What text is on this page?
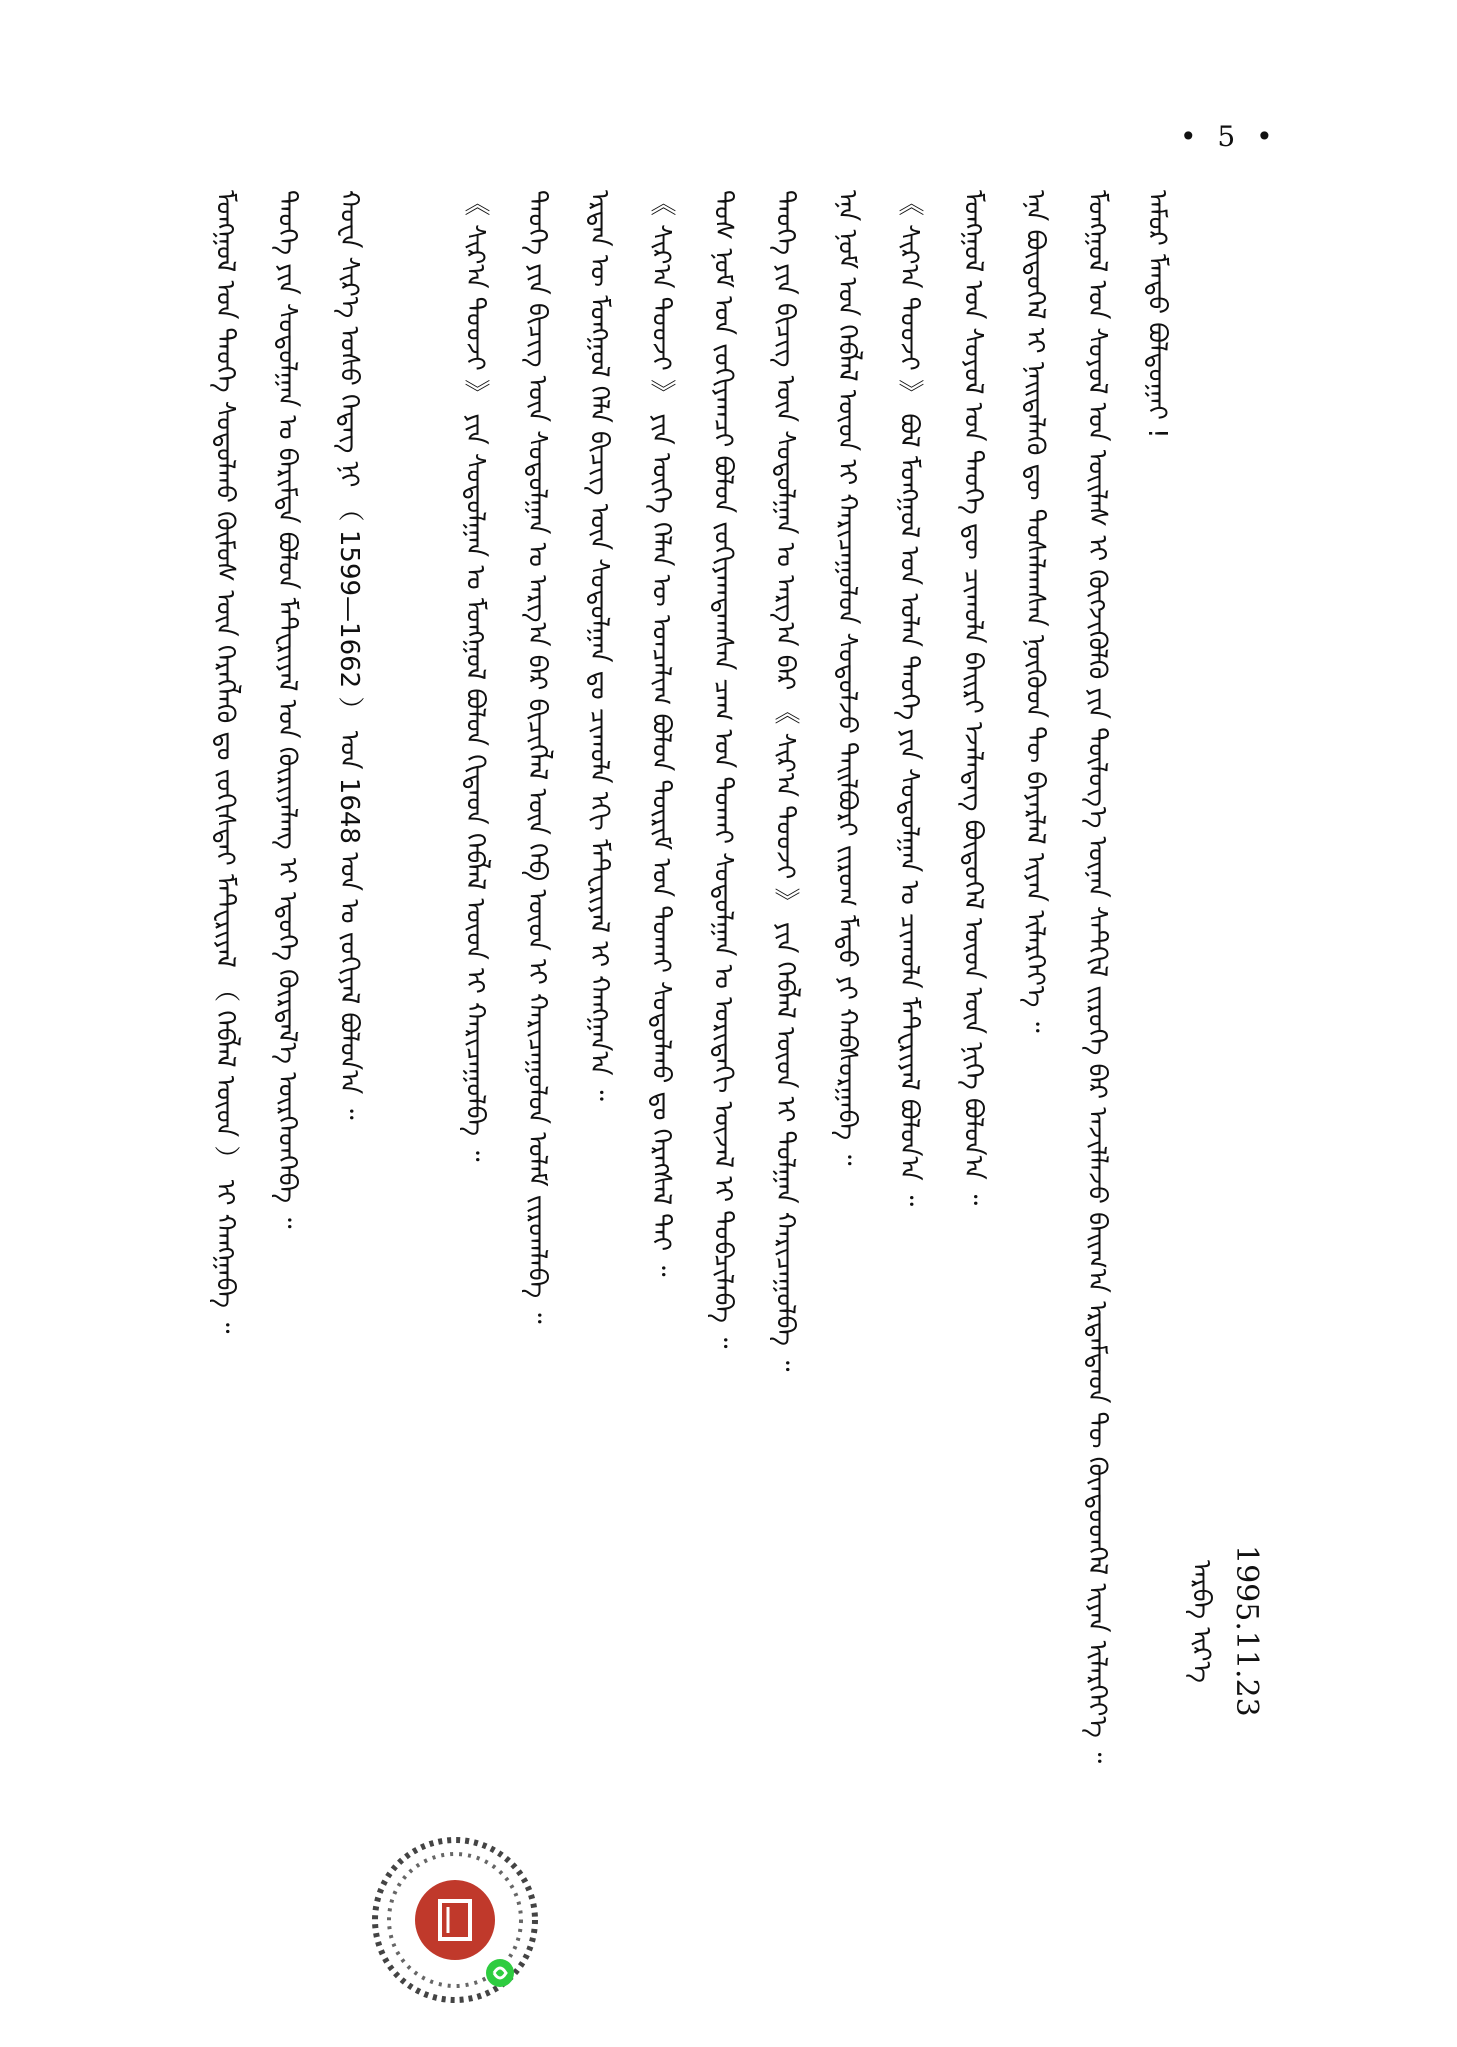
• 5 •
ᠠᠮᠤᠷ ᠮᠡᠨᠳᠦ ᠪᠣᠯᠲᠤᠭᠠᠢ !
ᠮᠣᠩᠭᠤᠯ ᠤᠨ ᠰᠣᠶᠤᠯ ᠤᠨ ᠦᠢᠯᠡᠰ ᠢ ᠬᠦᠭᠵᠢᠭᠦᠯᠬᠦ ᠶᠢᠨ ᠲᠥᠯᠦᠭ᠎ᠡ ᠦᠨᠡᠨ ᠰᠡᠲᠭᠢᠯ ᠵᠢᠷᠦᠬᠡ ᠪᠡᠷ ᠠᠵᠢᠯᠯᠠᠵᠤ ᠪᠠᠢᠭ᠎ᠠ ᠡᠷᠳᠡᠮᠲᠡᠳ ᠲᠦ ᠬᠦᠨᠳᠦᠳᠬᠡᠯ ᠢᠶᠡᠨ ᠢᠯᠡᠷᠭᠡᠶ᠎ᠡ ᠃
ᠡᠨᠡ ᠪᠦᠲᠦᠭᠡᠯ ᠢ ᠨᠡᠢᠲᠡᠯᠡᠬᠦ ᠳᠦ ᠲᠤᠰᠠᠯᠠᠭᠰᠠᠨ ᠨᠥᠬᠦᠳ ᠲᠦ ᠪᠠᠶᠠᠷᠯᠠᠯ ᠢᠶᠠᠨ ᠢᠯᠡᠷᠭᠡᠶ᠎ᠡ ᠃
ᠮᠣᠩᠭᠤᠯ ᠤᠨ ᠰᠣᠶᠤᠯ ᠤᠨ ᠲᠡᠦᠬᠡ ᠳᠦ ᠴᠢᠬᠤᠯᠠ ᠪᠠᠢᠷᠢ ᠡᠵᠡᠯᠡᠳᠡᠭ ᠪᠦᠲᠦᠭᠡᠯ ᠦᠳ ᠦᠨ ᠨᠢᠭᠡ ᠪᠣᠯᠤᠨ᠎ᠠ ᠃
《 ᠰᠢᠷ᠎ᠠ ᠲᠤᠤᠵᠢ 》 ᠪᠣᠯ ᠮᠣᠩᠭᠤᠯ ᠤᠨ ᠣᠯᠠᠨ ᠲᠡᠦᠬᠡ ᠶᠢᠨ ᠰᠤᠳᠤᠯᠭᠠᠨ ᠤ ᠴᠢᠬᠤᠯᠠ ᠮᠠᠲᠧᠷᠢᠶᠠᠯ ᠪᠣᠯᠤᠨ᠎ᠠ ᠃
ᠡᠨᠡ ᠨᠣᠮ ᠤᠨ ᠬᠡᠪᠯᠡᠯ ᠦᠳ ᠢ ᠬᠠᠷᠢᠴᠠᠭᠤᠯᠤᠨ ᠰᠤᠳᠤᠯᠵᠤ ᠲᠠᠢᠯᠪᠤᠷᠢ ᠵᠢᠷᠤᠭ ᠮᠡᠲᠦ ᠶᠢ ᠬᠠᠪᠰᠤᠷᠭᠠᠪᠠ ᠃
ᠲᠡᠦᠬᠡ ᠶᠢᠨ ᠪᠢᠴᠢᠭ ᠦᠨ ᠰᠤᠳᠤᠯᠭᠠᠨ ᠤ ᠠᠷᠭ᠎ᠠ ᠪᠠᠷ 《 ᠰᠢᠷ᠎ᠠ ᠲᠤᠤᠵᠢ 》 ᠶᠢᠨ ᠬᠡᠪᠯᠡᠯ ᠦᠳ ᠢ ᠲᠤᠯᠭᠠᠨ ᠬᠠᠷᠢᠴᠠᠭᠤᠯᠪᠠ ᠃
ᠲᠤᠰ ᠨᠣᠮ ᠤᠨ ᠵᠣᠬᠢᠶᠠᠭᠴᠢ ᠪᠣᠯᠤᠨ ᠵᠣᠬᠢᠶᠠᠭᠳᠠᠭᠰᠠᠨ ᠴᠠᠭ ᠤᠨ ᠲᠤᠬᠠᠢ ᠰᠤᠳᠤᠯᠭᠠᠨ ᠤ ᠤᠷᠢᠳᠠᠬᠢ ᠦᠵᠡᠯ ᠢ ᠲᠣᠪᠴᠢᠯᠠᠪᠠ ᠃
《 ᠰᠢᠷ᠎ᠠ ᠲᠤᠤᠵᠢ 》 ᠶᠢᠨ ᠦᠭᠡ ᠬᠡᠯᠡᠨ ᠦ ᠣᠨᠴᠠᠯᠢᠭ ᠪᠣᠯᠤᠨ ᠳᠦᠷᠢᠮ ᠤᠨ ᠲᠤᠬᠠᠢ ᠰᠤᠳᠤᠯᠬᠤ ᠳᠤ ᠬᠡᠷᠡᠭᠰᠡᠯ ᠲᠠᠢ ᠃
ᠡᠷᠲᠡᠨ ᠦ ᠮᠣᠩᠭᠤᠯ ᠬᠡᠯᠡ ᠪᠢᠴᠢᠭ ᠦᠨ ᠰᠤᠳᠤᠯᠭᠠᠨ ᠳᠤ ᠴᠢᠬᠤᠯᠠ ᠡᠬᠢ ᠮᠠᠲᠧᠷᠢᠶᠠᠯ ᠢ ᠬᠠᠩᠭᠠᠨ᠎ᠠ ᠃
ᠲᠡᠦᠬᠡ ᠶᠢᠨ ᠪᠢᠴᠢᠭ ᠦᠨ ᠰᠤᠳᠤᠯᠭᠠᠨ ᠤ ᠠᠷᠭ᠎ᠠ ᠪᠠᠷ ᠪᠢᠴᠢᠭᠯᠡᠯ ᠦᠨ ᠬᠡᠪ ᠦᠳ ᠢ ᠬᠠᠷᠢᠴᠠᠭᠤᠯᠤᠨ ᠤᠯᠠᠮ ᠵᠢᠷᠤᠭᠯᠠᠪᠠ ᠃
《 ᠰᠢᠷ᠎ᠠ ᠲᠤᠤᠵᠢ 》 ᠶᠢᠨ ᠰᠤᠳᠤᠯᠭᠠᠨ ᠤ ᠮᠣᠩᠭᠤᠯ ᠪᠣᠯᠤᠨ ᠬᠢᠲᠠᠳ ᠬᠡᠪᠯᠡᠯ ᠦᠳ ᠢ ᠬᠠᠷᠢᠴᠠᠭᠤᠯᠪᠠ ᠃
ᠬᠣᠸᠠ ᠰᠢᠷ᠎ᠡ ᠤᠰᠤ ᠭᠡᠳᠡᠭ ᠨᠢ （ 1599—1662 ） ᠤᠨ 1648 ᠣᠨ ᠤ ᠵᠣᠬᠢᠶᠠᠯ ᠪᠣᠯᠤᠨ᠎ᠠ ᠃
ᠲᠡᠦᠬᠡ ᠶᠢᠨ ᠰᠤᠳᠤᠯᠭᠠᠨ ᠤ ᠪᠠᠷᠢᠮᠲᠠ ᠪᠣᠯᠤᠨ ᠮᠠᠲᠧᠷᠢᠶᠠᠯ ᠤᠨ ᠬᠦᠷᠢᠶᠡᠯᠡᠩ ᠢ ᠡᠳᠦᠭᠡ ᠬᠦᠷᠲᠡᠯ᠎ᠡ ᠥᠷᠭᠡᠳᠭᠡᠪᠡ ᠃
ᠮᠣᠩᠭᠤᠯ ᠤᠨ ᠲᠡᠦᠬᠡ ᠰᠤᠳᠤᠯᠬᠤ ᠬᠦᠮᠦᠰ ᠦᠨ ᠬᠡᠷᠡᠭᠯᠡᠬᠦ ᠳᠤ ᠵᠣᠬᠢᠰᠲᠠᠢ ᠮᠠᠲᠧᠷᠢᠶᠠᠯ （ ᠬᠡᠪᠯᠡᠯ ᠦᠳ ） ᠢ ᠬᠠᠩᠭᠠᠪᠠ ᠃
1995.11.23
ᠠᠷᠪᠠ ᠢᠷ᠎ᠡ
